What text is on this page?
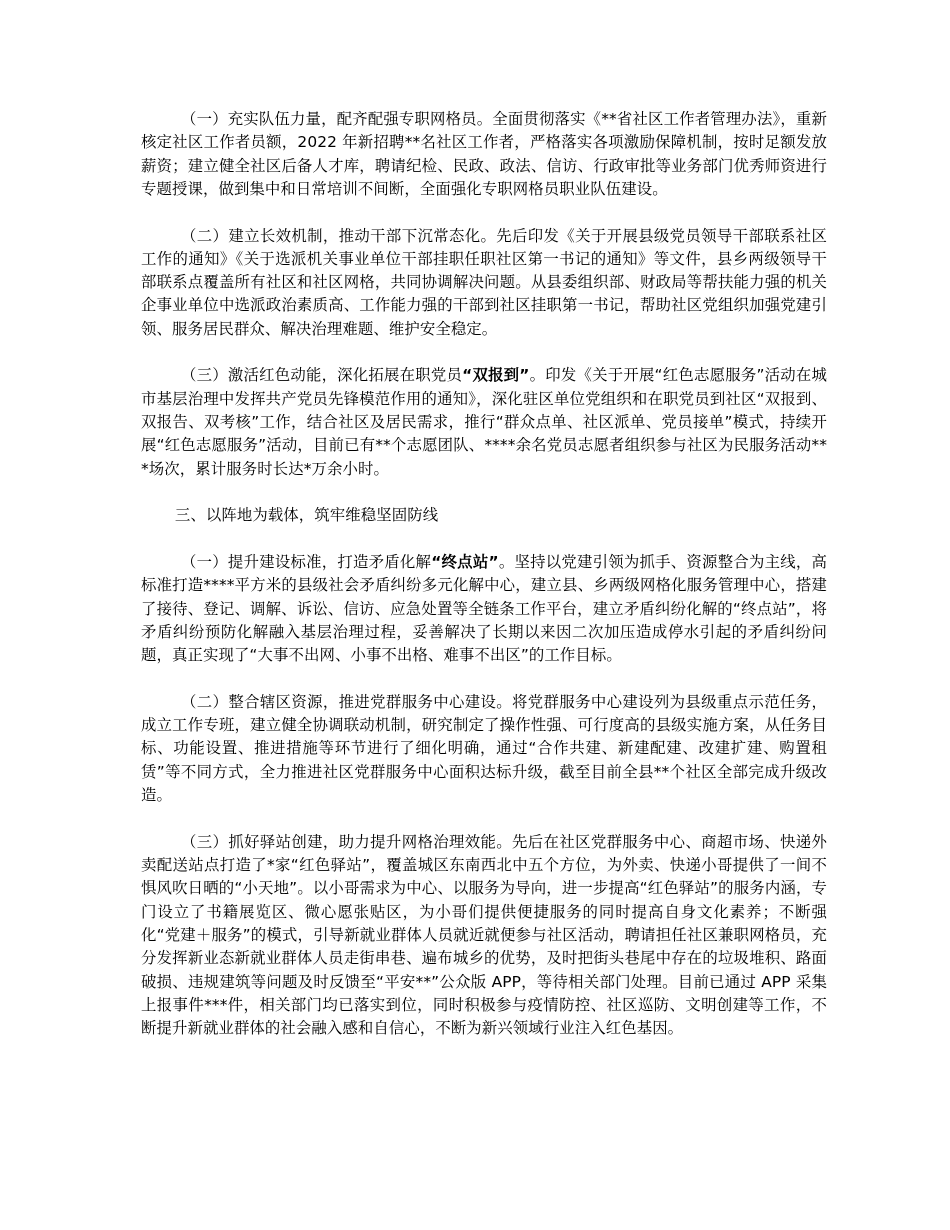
（一）充实队伍力量，配齐配强专职网格员。全面贯彻落实《**省社区工作者管理办法》，重新核定社区工作者员额，2022 年新招聘**名社区工作者，严格落实各项激励保障机制，按时足额发放薪资；建立健全社区后备人才库，聘请纪检、民政、政法、信访、行政审批等业务部门优秀师资进行专题授课，做到集中和日常培训不间断，全面强化专职网格员职业队伍建设。

（二）建立长效机制，推动干部下沉常态化。先后印发《关于开展县级党员领导干部联系社区工作的通知》《关于选派机关事业单位干部挂职任职社区第一书记的通知》等文件，县乡两级领导干部联系点覆盖所有社区和社区网格，共同协调解决问题。从县委组织部、财政局等帮扶能力强的机关企事业单位中选派政治素质高、工作能力强的干部到社区挂职第一书记，帮助社区党组织加强党建引领、服务居民群众、解决治理难题、维护安全稳定。

（三）激活红色动能，深化拓展在职党员“双报到”。印发《关于开展“红色志愿服务”活动在城市基层治理中发挥共产党员先锋模范作用的通知》，深化驻区单位党组织和在职党员到社区“双报到、双报告、双考核”工作，结合社区及居民需求，推行“群众点单、社区派单、党员接单”模式，持续开展“红色志愿服务”活动，目前已有**个志愿团队、****余名党员志愿者组织参与社区为民服务活动***场次，累计服务时长达*万余小时。

三、以阵地为载体，筑牢维稳坚固防线

（一）提升建设标准，打造矛盾化解“终点站”。坚持以党建引领为抓手、资源整合为主线，高标准打造****平方米的县级社会矛盾纠纷多元化解中心，建立县、乡两级网格化服务管理中心，搭建了接待、登记、调解、诉讼、信访、应急处置等全链条工作平台，建立矛盾纠纷化解的“终点站”，将矛盾纠纷预防化解融入基层治理过程，妥善解决了长期以来因二次加压造成停水引起的矛盾纠纷问题，真正实现了“大事不出网、小事不出格、难事不出区”的工作目标。

（二）整合辖区资源，推进党群服务中心建设。将党群服务中心建设列为县级重点示范任务，成立工作专班，建立健全协调联动机制，研究制定了操作性强、可行度高的县级实施方案，从任务目标、功能设置、推进措施等环节进行了细化明确，通过“合作共建、新建配建、改建扩建、购置租赁”等不同方式，全力推进社区党群服务中心面积达标升级，截至目前全县**个社区全部完成升级改造。

（三）抓好驿站创建，助力提升网格治理效能。先后在社区党群服务中心、商超市场、快递外卖配送站点打造了*家“红色驿站”，覆盖城区东南西北中五个方位，为外卖、快递小哥提供了一间不惧风吹日晒的“小天地”。以小哥需求为中心、以服务为导向，进一步提高“红色驿站”的服务内涵，专门设立了书籍展览区、微心愿张贴区，为小哥们提供便捷服务的同时提高自身文化素养；不断强化“党建＋服务”的模式，引导新就业群体人员就近就便参与社区活动，聘请担任社区兼职网格员，充分发挥新业态新就业群体人员走街串巷、遍布城乡的优势，及时把街头巷尾中存在的垃圾堆积、路面破损、违规建筑等问题及时反馈至“平安**”公众版 APP，等待相关部门处理。目前已通过 APP 采集上报事件***件，相关部门均已落实到位，同时积极参与疫情防控、社区巡防、文明创建等工作，不断提升新就业群体的社会融入感和自信心，不断为新兴领域行业注入红色基因。
